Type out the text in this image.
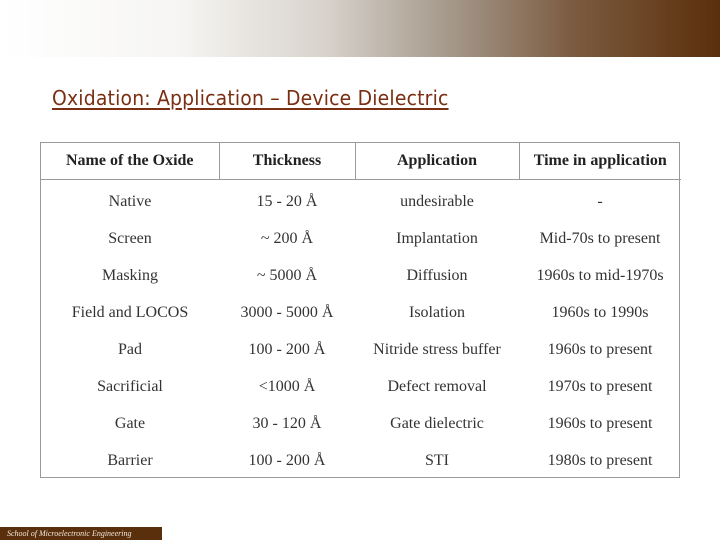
Oxidation: Application – Device Dielectric
Name of the Oxide	Thickness	Application	Time in application
Native	15 - 20 Å	undesirable	-
Screen	~ 200 Å	Implantation	Mid-70s to present
Masking	~ 5000 Å	Diffusion	1960s to mid-1970s
Field and LOCOS	3000 - 5000 Å	Isolation	1960s to 1990s
Pad	100 - 200 Å	Nitride stress buffer	1960s to present
Sacrificial	<1000 Å	Defect removal	1970s to present
Gate	30 - 120 Å	Gate dielectric	1960s to present
Barrier	100 - 200 Å	STI	1980s to present
School of Microelectronic Engineering
